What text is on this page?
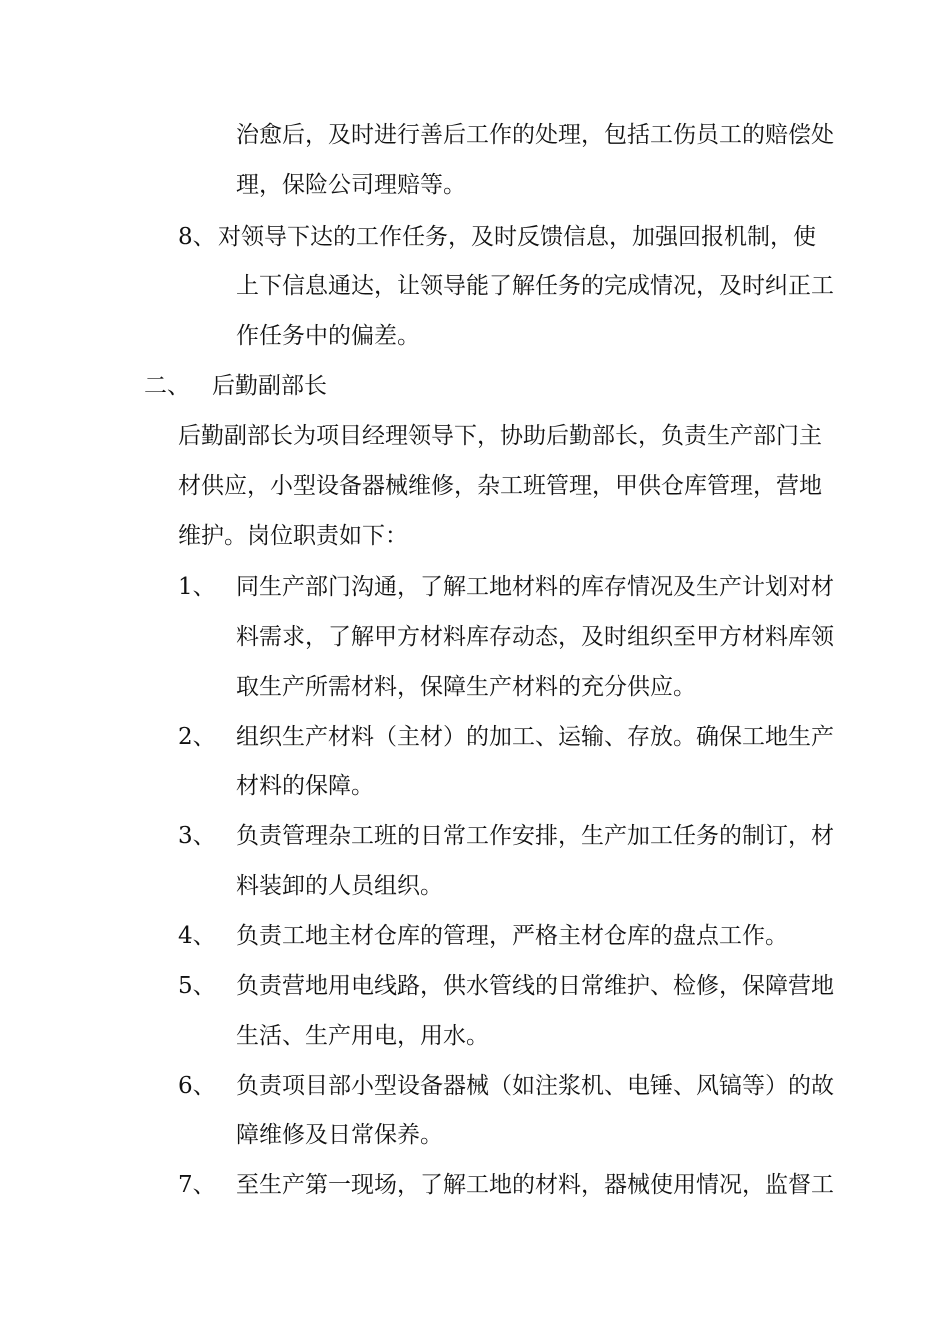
治愈后，及时进行善后工作的处理，包括工伤员工的赔偿处
理，保险公司理赔等。
8、 对领导下达的工作任务，及时反馈信息，加强回报机制，使
上下信息通达，让领导能了解任务的完成情况，及时纠正工
作任务中的偏差。
二、 后勤副部长
后勤副部长为项目经理领导下，协助后勤部长，负责生产部门主
材供应，小型设备器械维修，杂工班管理，甲供仓库管理，营地
维护。岗位职责如下：
1、 同生产部门沟通，了解工地材料的库存情况及生产计划对材
料需求，了解甲方材料库存动态，及时组织至甲方材料库领
取生产所需材料，保障生产材料的充分供应。
2、 组织生产材料（主材）的加工、运输、存放。确保工地生产
材料的保障。
3、 负责管理杂工班的日常工作安排，生产加工任务的制订，材
料装卸的人员组织。
4、 负责工地主材仓库的管理，严格主材仓库的盘点工作。
5、 负责营地用电线路，供水管线的日常维护、检修，保障营地
生活、生产用电，用水。
6、 负责项目部小型设备器械（如注浆机、电锤、风镐等）的故
障维修及日常保养。
7、 至生产第一现场，了解工地的材料，器械使用情况，监督工
